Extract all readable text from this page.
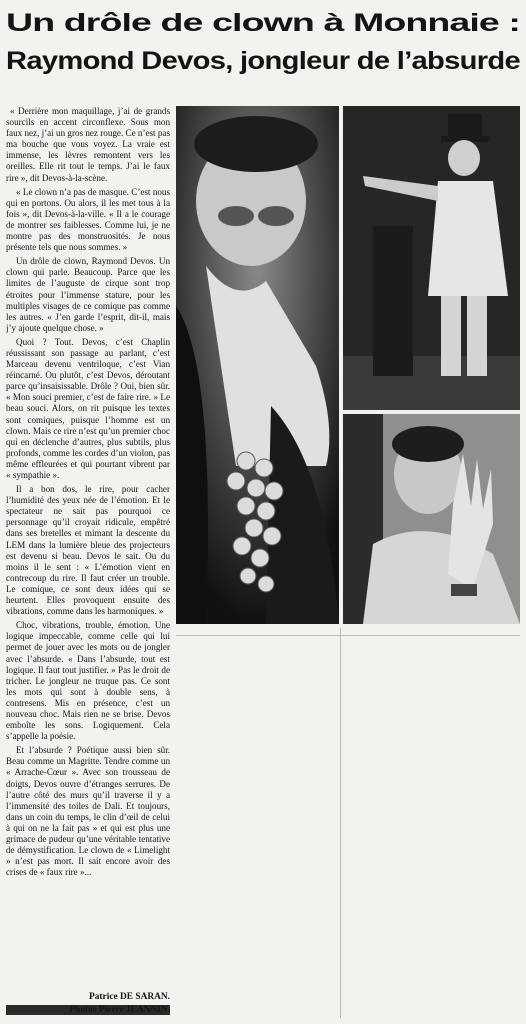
Un drôle de clown à Monnaie :
Raymond Devos, jongleur de l’absurde

« Derrière mon maquillage, j’ai de grands sourcils en accent circonflexe. Sous mon faux nez, j’ai un gros nez rouge. Ce n’est pas ma bouche que vous voyez. La vraie est immense, les lèvres remontent vers les oreilles. Elle rit tout le temps. J’ai le faux rire », dit Devos-à-la-scène.

« Le clown n’a pas de masque. C’est nous qui en portons. Ou alors, il les met tous à la fois », dit Devos-à-la-ville. « Il a le courage de montrer ses faiblesses. Comme lui, je ne montre pas des monstruosités. Je nous présente tels que nous sommes. »

Un drôle de clown, Raymond Devos. Un clown qui parle. Beaucoup. Parce que les limites de l’auguste de cirque sont trop étroites pour l’immense stature, pour les multiples visages de ce comique pas comme les autres. « J’en garde l’esprit, dit-il, mais j’y ajoute quelque chose. »

Quoi ? Tout. Devos, c’est Chaplin réussissant son passage au parlant, c’est Marceau devenu ventriloque, c’est Vian réincarné. Ou plutôt, c’est Devos, déroutant parce qu’insaisissable. Drôle ? Oui, bien sûr. « Mon souci premier, c’est de faire rire. » Le beau souci. Alors, on rit puisque les textes sont comiques, puisque l’homme est un clown. Mais ce rire n’est qu’un premier choc qui en déclenche d’autres, plus subtils, plus profonds, comme les cordes d’un violon, pas même effleurées et qui pourtant vibrent par « sympathie ».

Il a bon dos, le rire, pour cacher l’humidité des yeux née de l’émotion. Et le spectateur ne sait pas pourquoi ce personnage qu’il croyait ridicule, empêtré dans ses bretelles et mimant la descente du LEM dans la lumière bleue des projecteurs est devenu si beau. Devos le sait. Ou du moins il le sent : « L’émotion vient en contrecoup du rire. Il faut créer un trouble. Le comique, ce sont deux idées qui se heurtent. Elles provoquent ensuite des vibrations, comme dans les harmoniques. »

Choc, vibrations, trouble, émotion. Une logique impeccable, comme celle qui lui permet de jouer avec les mots ou de jongler avec l’absurde. « Dans l’absurde, tout est logique. Il faut tout justifier. » Pas le droit de tricher. Le jongleur ne truque pas. Ce sont les mots qui sont à double sens, à contresens. Mis en présence, c’est un nouveau choc. Mais rien ne se brise. Devos emboîte les sons. Logiquement. Cela s’appelle la poésie.

Et l’absurde ? Poétique aussi bien sûr. Beau comme un Magritte. Tendre comme un « Arrache-Cœur ». Avec son trousseau de doigts, Devos ouvre d’étranges serrures. De l’autre côté des murs qu’il traverse il y a l’immensité des toiles de Dali. Et toujours, dans un coin du temps, le clin d’œil de celui à qui on ne la fait pas » et qui est plus une grimace de pudeur qu’une véritable tentative de démystification. Le clown de « Limelight » n’est pas mort. Il sait encore avoir des crises de « faux rire »...

Patrice DE SARAN.
Photos Pierre JEANNIN.
